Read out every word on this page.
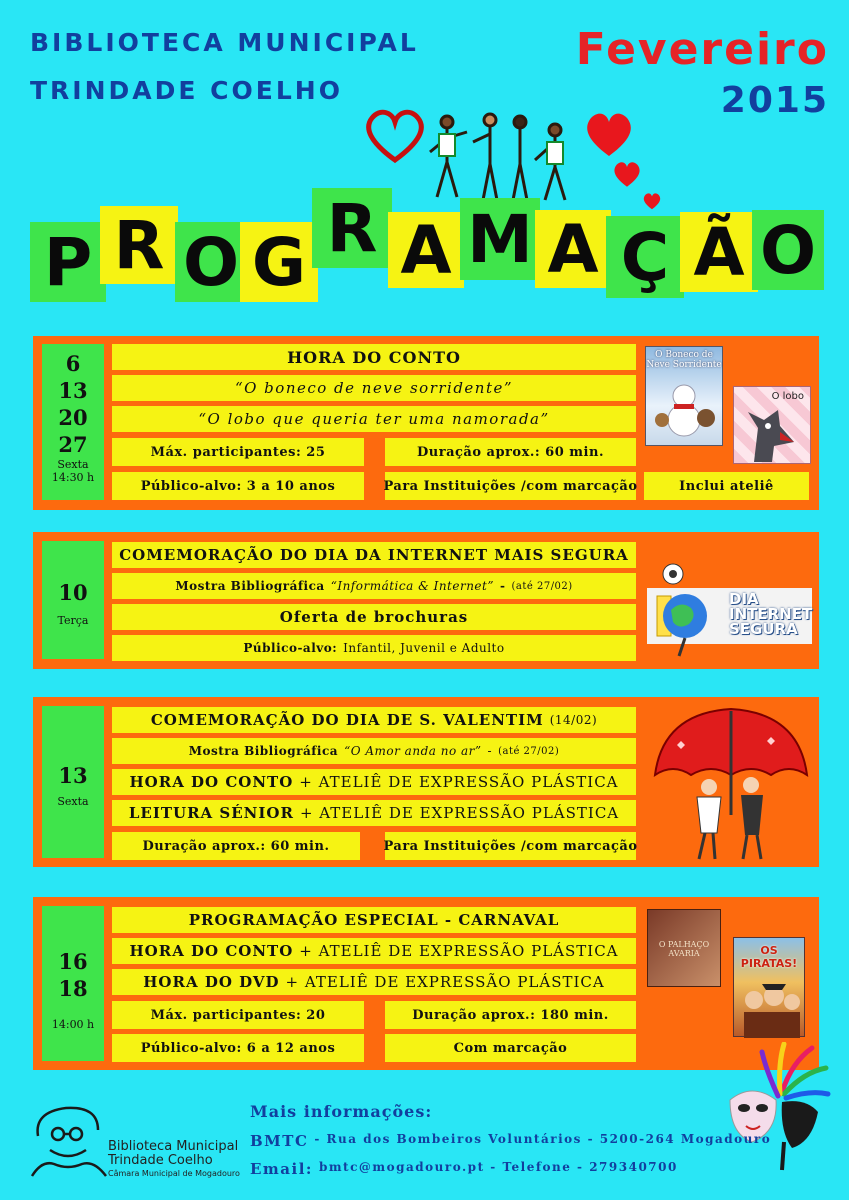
BIBLIOTECA MUNICIPAL
TRINDADE COELHO
Fevereiro
2015
P R O G R A M A Ç Ã O
6
13
20
27
Sexta
14:30 h
HORA DO CONTO
“O boneco de neve sorridente”
“O lobo que queria ter uma namorada”
Máx. participantes: 25	Duração aprox.: 60 min.
Público-alvo: 3 a 10 anos	Para Instituições /com marcação	Inclui ateliê
O Boneco de Neve Sorridente
O lobo
10
Terça
COMEMORAÇÃO DO DIA DA INTERNET MAIS SEGURA
Mostra Bibliográfica “Informática & Internet” - (até 27/02)
Oferta de brochuras
Público-alvo: Infantil, Juvenil e Adulto
DIA
INTERNET
SEGURA
13
Sexta
COMEMORAÇÃO DO DIA DE S. VALENTIM (14/02)
Mostra Bibliográfica “O Amor anda no ar” - (até 27/02)
HORA DO CONTO + ATELIÊ DE EXPRESSÃO PLÁSTICA
LEITURA SÉNIOR + ATELIÊ DE EXPRESSÃO PLÁSTICA
Duração aprox.: 60 min.	Para Instituições /com marcação
16
18
14:00 h
PROGRAMAÇÃO ESPECIAL - CARNAVAL
HORA DO CONTO + ATELIÊ DE EXPRESSÃO PLÁSTICA
HORA DO DVD + ATELIÊ DE EXPRESSÃO PLÁSTICA
Máx. participantes: 20	Duração aprox.: 180 min.
Público-alvo: 6 a 12 anos	Com marcação
O PALHAÇO AVARIA	OS PIRATAS!
Biblioteca Municipal
Trindade Coelho
Câmara Municipal de Mogadouro
Mais informações:
BMTC - Rua dos Bombeiros Voluntários - 5200-264 Mogadouro
Email: bmtc@mogadouro.pt - Telefone - 279340700
